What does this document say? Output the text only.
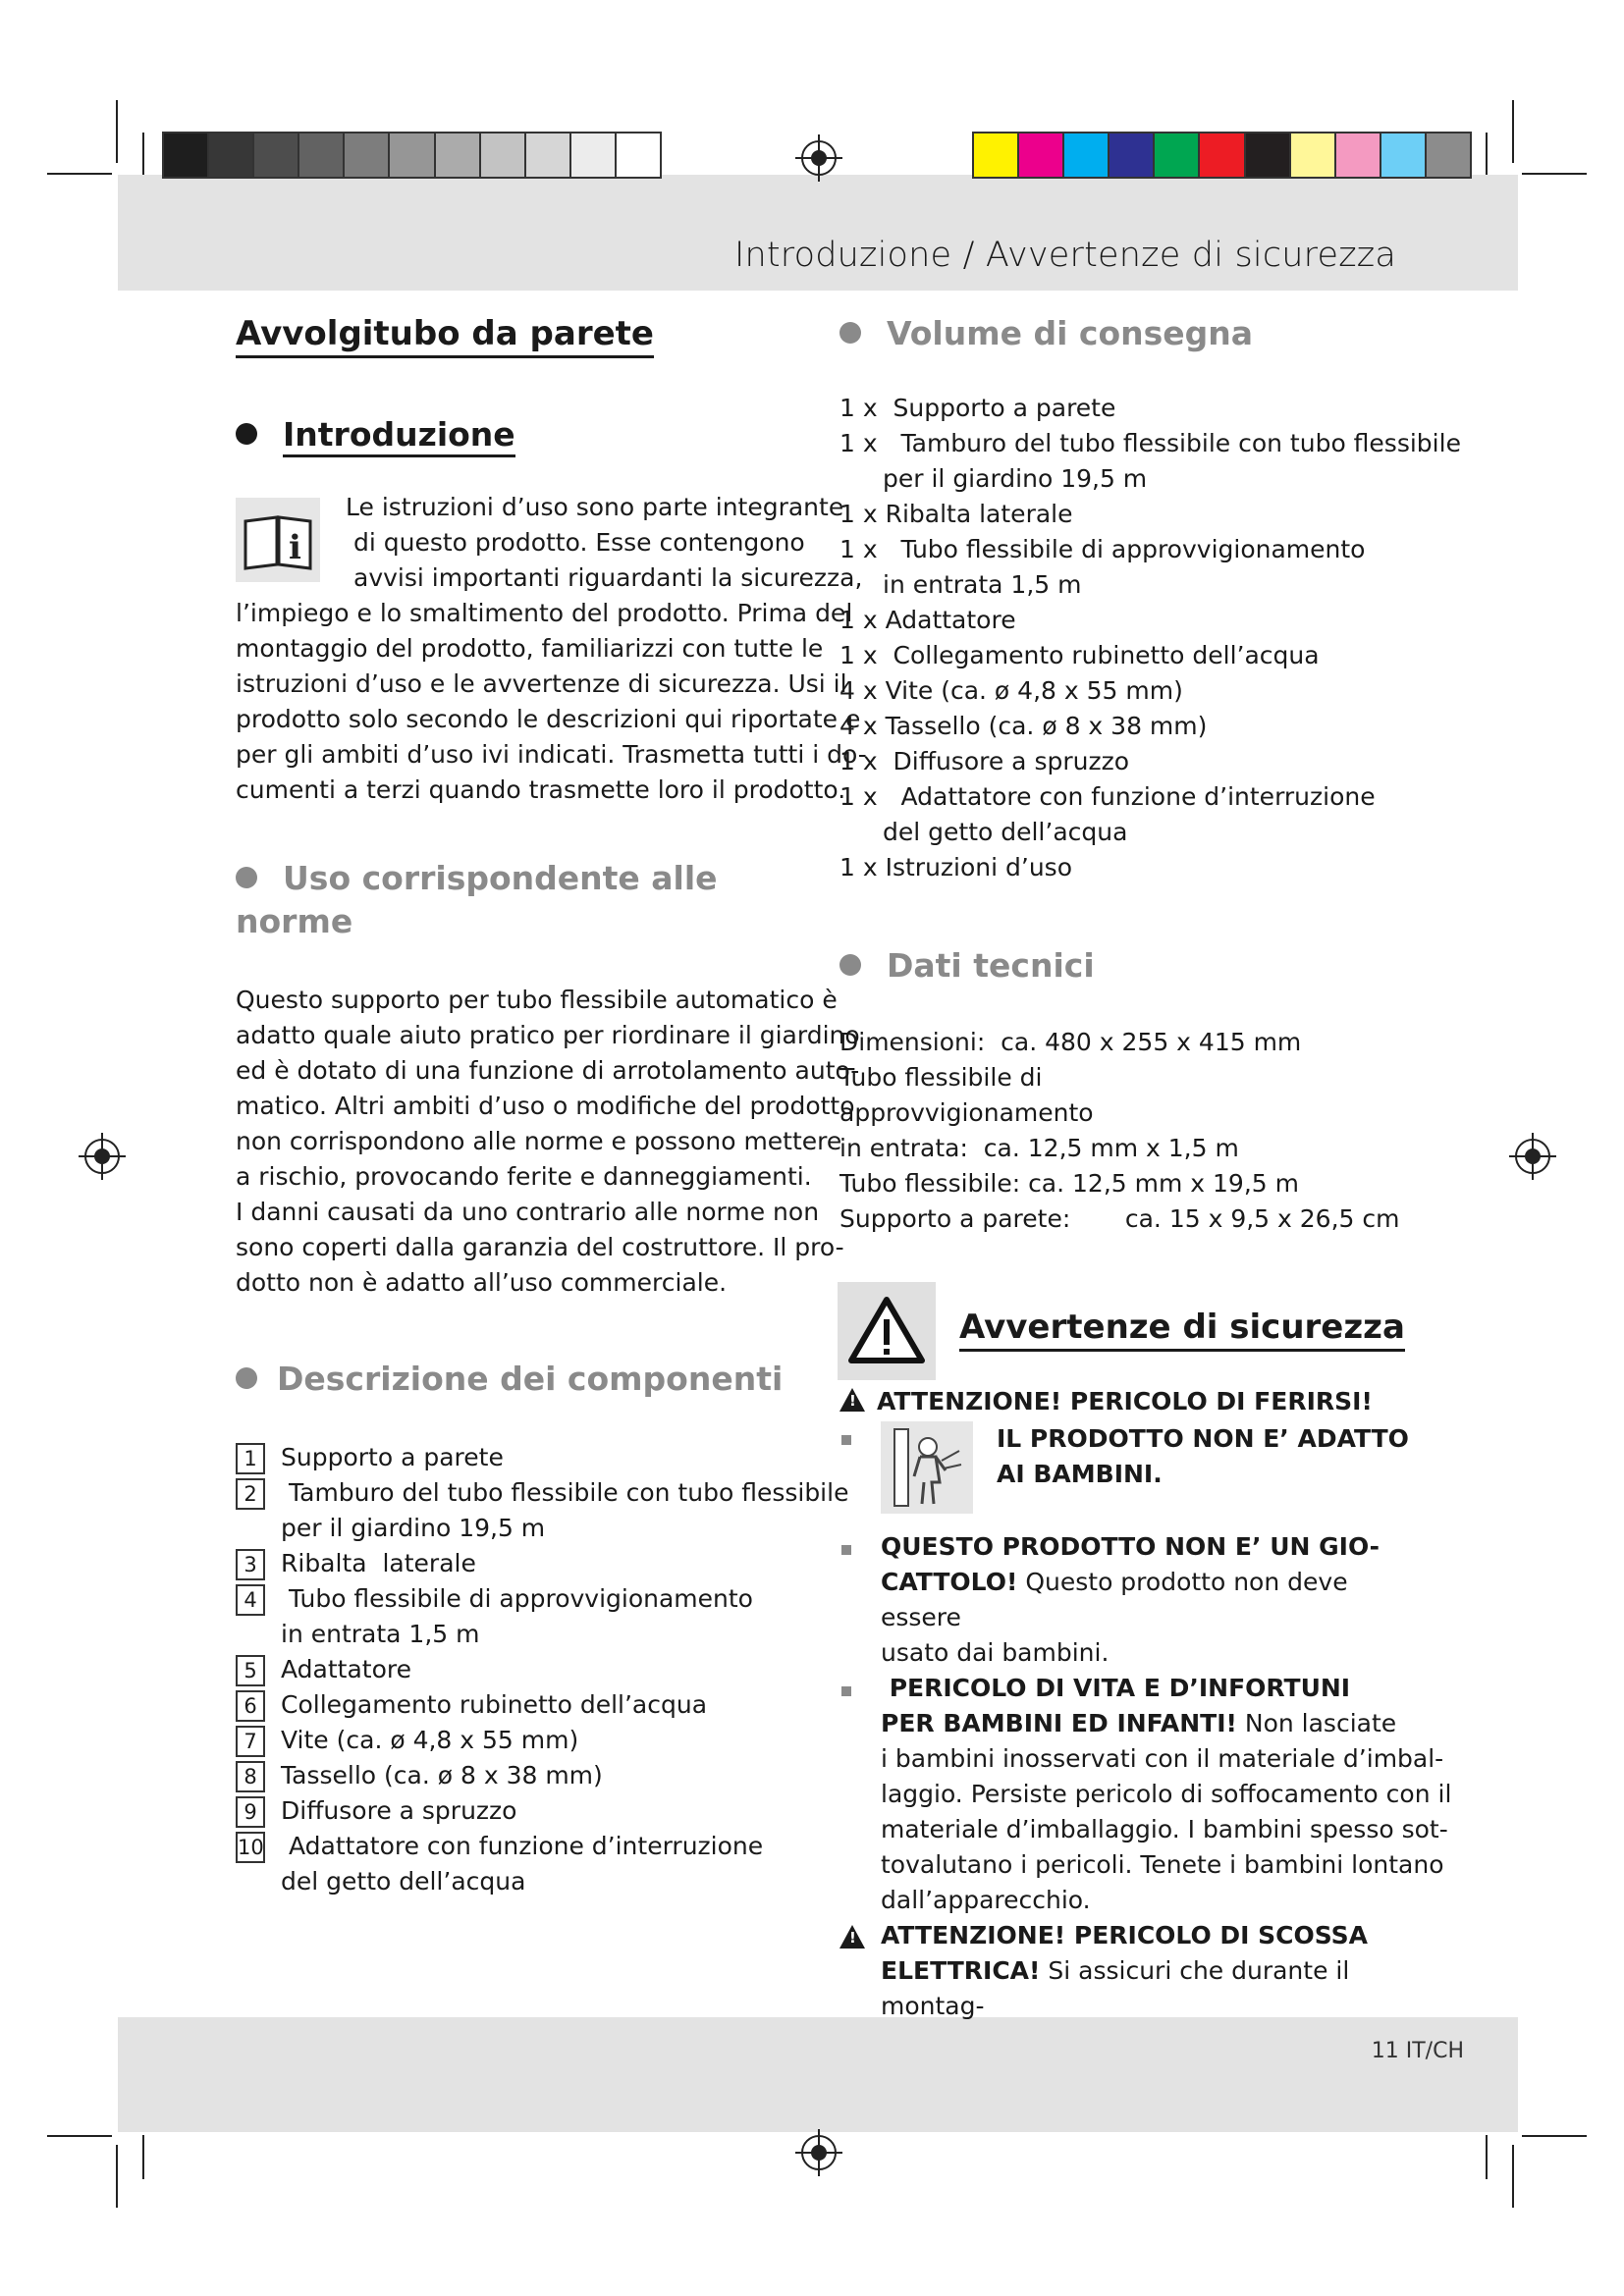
Introduzione / Avvertenze di sicurezza
Avvolgitubo da parete
Introduzione
i
Le istruzioni d’uso sono parte integrante
di questo prodotto. Esse contengono
avvisi importanti riguardanti la sicurezza,
l’impiego e lo smaltimento del prodotto. Prima del
montaggio del prodotto, familiarizzi con tutte le
istruzioni d’uso e le avvertenze di sicurezza. Usi il
prodotto solo secondo le descrizioni qui riportate e
per gli ambiti d’uso ivi indicati. Trasmetta tutti i do-
cumenti a terzi quando trasmette loro il prodotto.
Uso corrispondente alle norme
Questo supporto per tubo flessibile automatico è
adatto quale aiuto pratico per riordinare il giardino
ed è dotato di una funzione di arrotolamento auto-
matico. Altri ambiti d’uso o modifiche del prodotto
non corrispondono alle norme e possono mettere
a rischio, provocando ferite e danneggiamenti.
I danni causati da uno contrario alle norme non
sono coperti dalla garanzia del costruttore. Il pro-
dotto non è adatto all’uso commerciale.
Descrizione dei componenti
1 Supporto a parete
2	Tamburo del tubo flessibile con tubo flessibile
per il giardino 19,5 m
3 Ribalta  laterale
4	Tubo flessibile di approvvigionamento
in entrata 1,5 m
5 Adattatore
6 Collegamento rubinetto dell’acqua
7 Vite (ca. ø 4,8 x 55 mm)
8 Tassello (ca. ø 8 x 38 mm)
9 Diffusore a spruzzo
10	Adattatore con funzione d’interruzione
del getto dell’acqua
Volume di consegna
1 x  Supporto a parete
1 x   Tamburo del tubo flessibile con tubo flessibile
per il giardino 19,5 m
1 x Ribalta laterale
1 x   Tubo flessibile di approvvigionamento
in entrata 1,5 m
1 x Adattatore
1 x  Collegamento rubinetto dell’acqua
4 x Vite (ca. ø 4,8 x 55 mm)
4 x Tassello (ca. ø 8 x 38 mm)
1 x  Diffusore a spruzzo
1 x   Adattatore con funzione d’interruzione
del getto dell’acqua
1 x Istruzioni d’uso
Dati tecnici
Dimensioni:  ca. 480 x 255 x 415 mm
Tubo flessibile di
approvvigionamento
in entrata:  ca. 12,5 mm x 1,5 m
Tubo flessibile: ca. 12,5 mm x 19,5 m
Supporto a parete:       ca. 15 x 9,5 x 26,5 cm
Avvertenze di sicurezza
!ATTENZIONE! PERICOLO DI FERIRSI!
IL PRODOTTO NON E’ ADATTO
AI BAMBINI.
QUESTO PRODOTTO NON E’ UN GIO-
CATTOLO! Questo prodotto non deve essere
usato dai bambini.
PERICOLO DI VITA E D’INFORTUNI
PER BAMBINI ED INFANTI! Non lasciate
i bambini inosservati con il materiale d’imbal-
laggio. Persiste pericolo di soffocamento con il
materiale d’imballaggio. I bambini spesso sot-
tovalutano i pericoli. Tenete i bambini lontano
dall’apparecchio.
!
ATTENZIONE! PERICOLO DI SCOSSA
ELETTRICA! Si assicuri che durante il montag-
11 IT/CH
